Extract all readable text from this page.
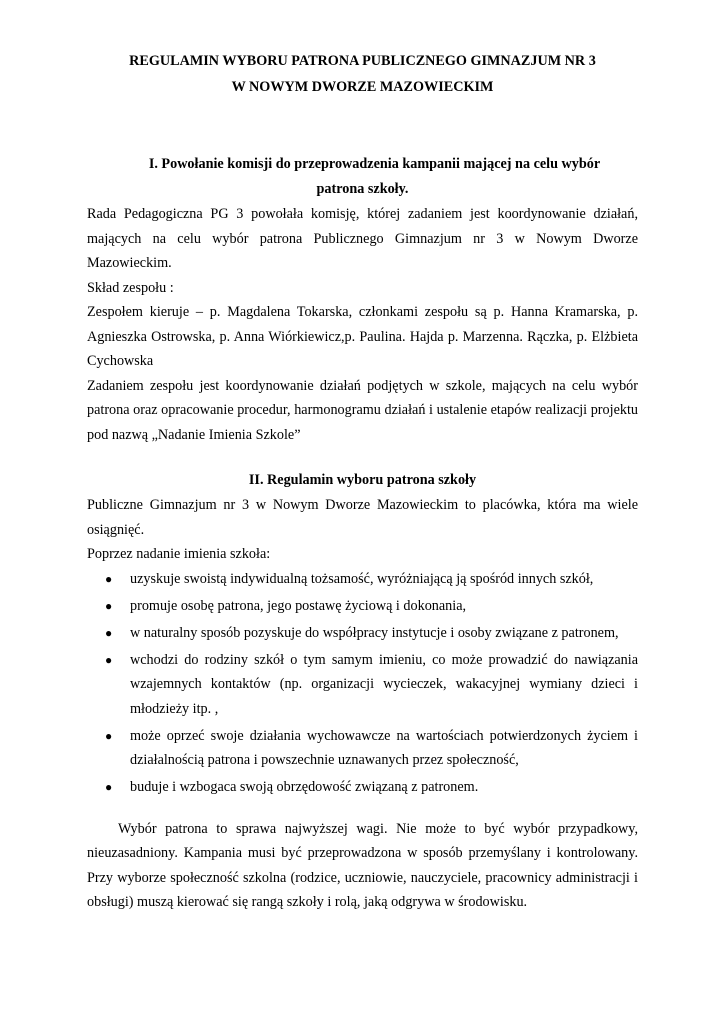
REGULAMIN WYBORU PATRONA PUBLICZNEGO GIMNAZJUM NR 3
W NOWYM DWORZE MAZOWIECKIM
I. Powołanie komisji do przeprowadzenia kampanii mającej na celu wybór
patrona szkoły.

Rada Pedagogiczna PG 3 powołała komisję, której zadaniem jest koordynowanie działań, mających na celu wybór patrona Publicznego Gimnazjum nr 3 w Nowym Dworze Mazowieckim.

Skład zespołu :

Zespołem kieruje – p. Magdalena Tokarska, członkami zespołu są p. Hanna Kramarska, p. Agnieszka Ostrowska, p. Anna Wiórkiewicz,p. Paulina. Hajda p. Marzenna. Rączka, p. Elżbieta Cychowska

Zadaniem zespołu jest koordynowanie działań podjętych w szkole, mających na celu wybór patrona oraz opracowanie procedur, harmonogramu działań i ustalenie etapów realizacji projektu pod nazwą „Nadanie Imienia Szkole”

II. Regulamin wyboru patrona szkoły

Publiczne Gimnazjum nr 3 w Nowym Dworze Mazowieckim to placówka, która ma wiele osiągnięć.

Poprzez nadanie imienia szkoła:

● uzyskuje swoistą indywidualną tożsamość, wyróżniającą ją spośród innych szkół,
● promuje osobę patrona, jego postawę życiową i dokonania,
● w naturalny sposób pozyskuje do współpracy instytucje i osoby związane z patronem,
● wchodzi do rodziny szkół o tym samym imieniu, co może prowadzić do nawiązania wzajemnych kontaktów (np. organizacji wycieczek, wakacyjnej wymiany dzieci i młodzieży itp. ,
● może oprzeć swoje działania wychowawcze na wartościach potwierdzonych życiem i działalnością patrona i powszechnie uznawanych przez społeczność,
● buduje i wzbogaca swoją obrzędowość związaną z patronem.

Wybór patrona to sprawa najwyższej wagi. Nie może to być wybór przypadkowy, nieuzasadniony. Kampania musi być przeprowadzona w sposób przemyślany i kontrolowany. Przy wyborze społeczność szkolna (rodzice, uczniowie, nauczyciele, pracownicy administracji i obsługi) muszą kierować się rangą szkoły i rolą, jaką odgrywa w środowisku.
